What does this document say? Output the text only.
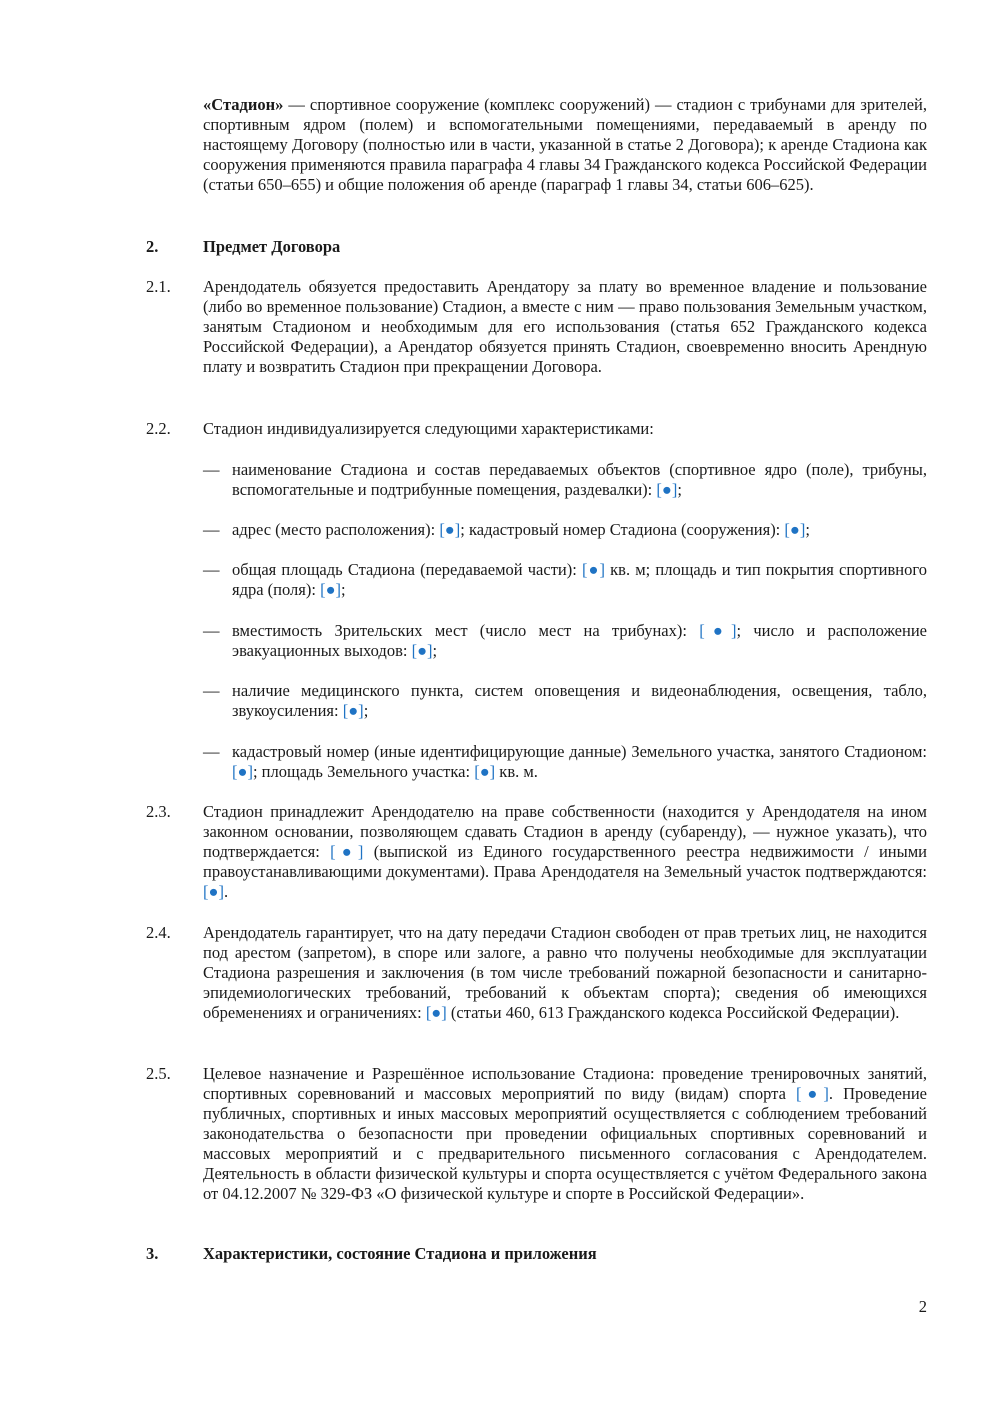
«Стадион» — спортивное сооружение (комплекс сооружений) — стадион с трибунами для зрителей, спортивным ядром (полем) и вспомогательными помещениями, передаваемый в аренду по настоящему Договору (полностью или в части, указанной в статье 2 Договора); к аренде Стадиона как сооружения применяются правила параграфа 4 главы 34 Гражданского кодекса Российской Федерации (статьи 650–655) и общие положения об аренде (параграф 1 главы 34, статьи 606–625).
2.	Предмет Договора
2.1. Арендодатель обязуется предоставить Арендатору за плату во временное владение и пользование (либо во временное пользование) Стадион, а вместе с ним — право пользования Земельным участком, занятым Стадионом и необходимым для его использования (статья 652 Гражданского кодекса Российской Федерации), а Арендатор обязуется принять Стадион, своевременно вносить Арендную плату и возвратить Стадион при прекращении Договора.
2.2. Стадион индивидуализируется следующими характеристиками:
— наименование Стадиона и состав передаваемых объектов (спортивное ядро (поле), трибуны, вспомогательные и подтрибунные помещения, раздевалки): [●];
— адрес (место расположения): [●]; кадастровый номер Стадиона (сооружения): [●];
— общая площадь Стадиона (передаваемой части): [●] кв. м; площадь и тип покрытия спортивного ядра (поля): [●];
— вместимость Зрительских мест (число мест на трибунах): [●]; число и расположение эвакуационных выходов: [●];
— наличие медицинского пункта, систем оповещения и видеонаблюдения, освещения, табло, звукоусиления: [●];
— кадастровый номер (иные идентифицирующие данные) Земельного участка, занятого Стадионом: [●]; площадь Земельного участка: [●] кв. м.
2.3. Стадион принадлежит Арендодателю на праве собственности (находится у Арендодателя на ином законном основании, позволяющем сдавать Стадион в аренду (субаренду), — нужное указать), что подтверждается: [●] (выпиской из Единого государственного реестра недвижимости / иными правоустанавливающими документами). Права Арендодателя на Земельный участок подтверждаются: [●].
2.4. Арендодатель гарантирует, что на дату передачи Стадион свободен от прав третьих лиц, не находится под арестом (запретом), в споре или залоге, а равно что получены необходимые для эксплуатации Стадиона разрешения и заключения (в том числе требований пожарной безопасности и санитарно-эпидемиологических требований, требований к объектам спорта); сведения об имеющихся обременениях и ограничениях: [●] (статьи 460, 613 Гражданского кодекса Российской Федерации).
2.5. Целевое назначение и Разрешённое использование Стадиона: проведение тренировочных занятий, спортивных соревнований и массовых мероприятий по виду (видам) спорта [●]. Проведение публичных, спортивных и иных массовых мероприятий осуществляется с соблюдением требований законодательства о безопасности при проведении официальных спортивных соревнований и массовых мероприятий и с предварительного письменного согласования с Арендодателем. Деятельность в области физической культуры и спорта осуществляется с учётом Федерального закона от 04.12.2007 № 329-ФЗ «О физической культуре и спорте в Российской Федерации».
3.	Характеристики, состояние Стадиона и приложения
2
